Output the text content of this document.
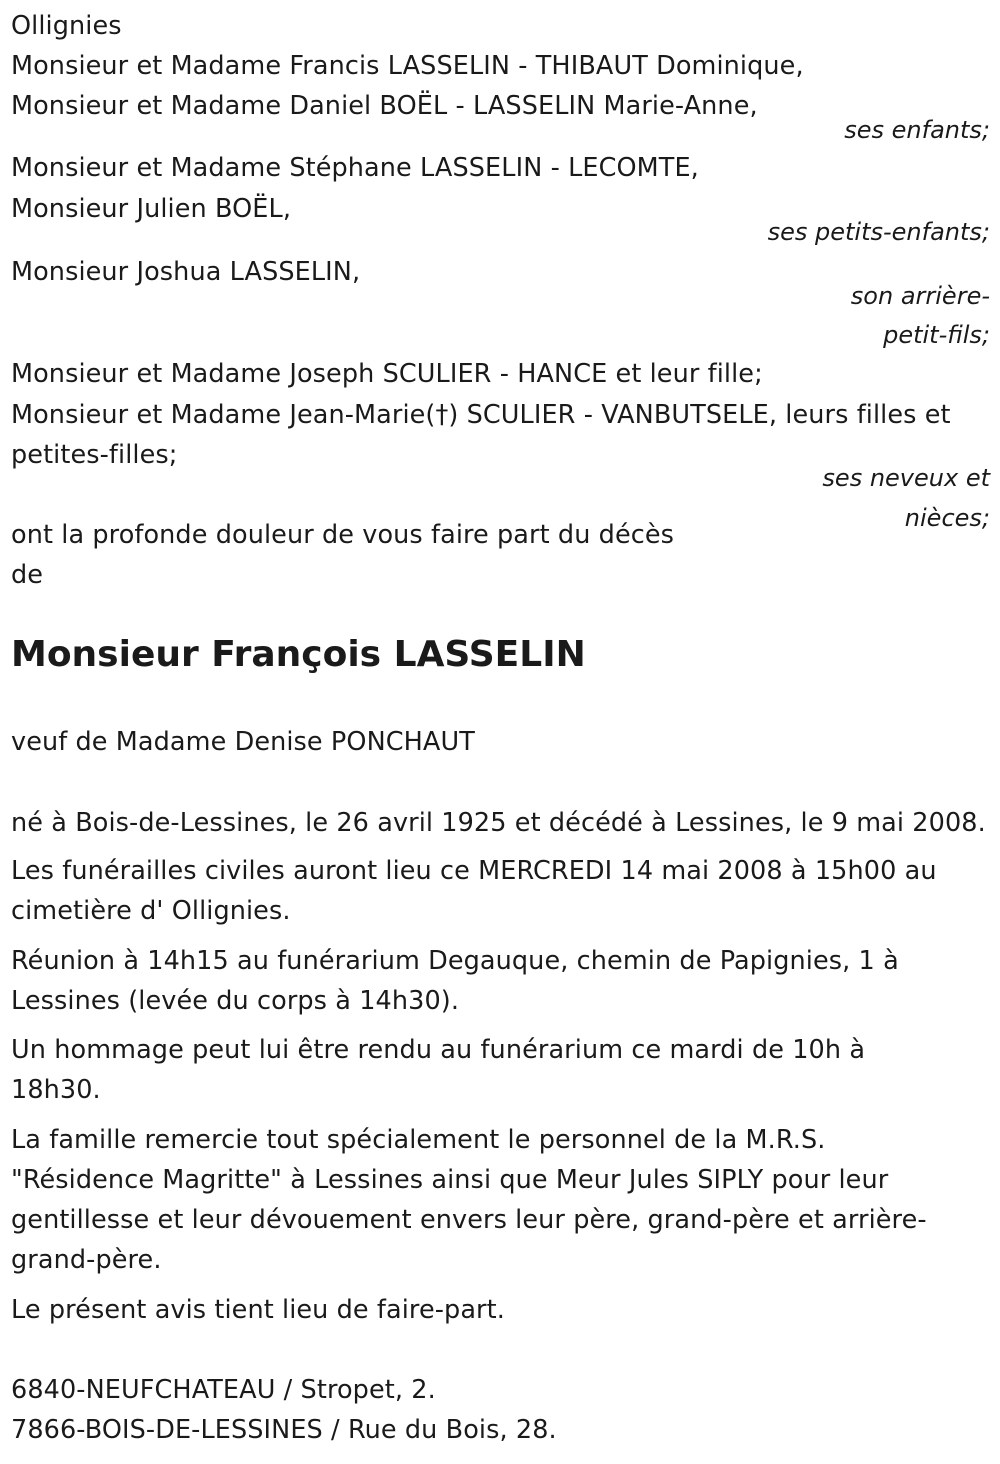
Ollignies
Monsieur et Madame Francis LASSELIN - THIBAUT Dominique,
Monsieur et Madame Daniel BOËL - LASSELIN Marie-Anne,
ses enfants;
Monsieur et Madame Stéphane LASSELIN - LECOMTE,
Monsieur Julien BOËL,
ses petits-enfants;
Monsieur Joshua LASSELIN,
son arrière-
petit-fils;
Monsieur et Madame Joseph SCULIER - HANCE et leur fille;
Monsieur et Madame Jean-Marie(†) SCULIER - VANBUTSELE, leurs filles et
petites-filles;
ses neveux et
nièces;
ont la profonde douleur de vous faire part du décès
de
Monsieur François LASSELIN
veuf de Madame Denise PONCHAUT
né à Bois-de-Lessines, le 26 avril 1925 et décédé à Lessines, le 9 mai 2008.
Les funérailles civiles auront lieu ce MERCREDI 14 mai 2008 à 15h00 au
cimetière d' Ollignies.
Réunion à 14h15 au funérarium Degauque, chemin de Papignies, 1 à
Lessines (levée du corps à 14h30).
Un hommage peut lui être rendu au funérarium ce mardi de 10h à
18h30.
La famille remercie tout spécialement le personnel de la M.R.S.
"Résidence Magritte" à Lessines ainsi que Meur Jules SIPLY pour leur
gentillesse et leur dévouement envers leur père, grand-père et arrière-
grand-père.
Le présent avis tient lieu de faire-part.
6840-NEUFCHATEAU / Stropet, 2.
7866-BOIS-DE-LESSINES / Rue du Bois, 28.
